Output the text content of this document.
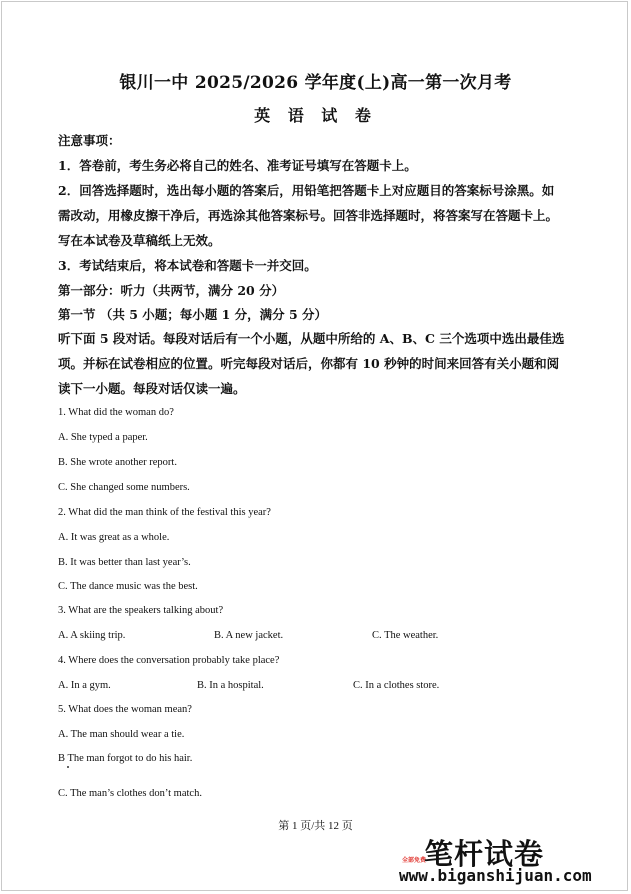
银川一中 2025/2026 学年度(上)高一第一次月考
英 语 试 卷
注意事项：
1．答卷前，考生务必将自己的姓名、准考证号填写在答题卡上。
2．回答选择题时，选出每小题的答案后，用铅笔把答题卡上对应题目的答案标号涂黑。如
需改动，用橡皮擦干净后，再选涂其他答案标号。回答非选择题时，将答案写在答题卡上。
写在本试卷及草稿纸上无效。
3．考试结束后，将本试卷和答题卡一并交回。
第一部分：听力（共两节，满分 20 分）
第一节 （共 5 小题；每小题 1 分，满分 5 分）
听下面 5 段对话。每段对话后有一个小题，从题中所给的 A、B、C 三个选项中选出最佳选
项。并标在试卷相应的位置。听完每段对话后，你都有 10 秒钟的时间来回答有关小题和阅
读下一小题。每段对话仅读一遍。
1. What did the woman do?
A. She typed a paper.
B. She wrote another report.
C. She changed some numbers.
2. What did the man think of the festival this year?
A. It was great as a whole.
B. It was better than last year’s.
C. The dance music was the best.
3. What are the speakers talking about?
A. A skiing trip.	B. A new jacket.	C. The weather.
4. Where does the conversation probably take place?
A. In a gym.	B. In a hospital.	C. In a clothes store.
5. What does the woman mean?
A. The man should wear a tie.
B The man forgot to do his hair.
C. The man’s clothes don’t match.
第 1 页/共 12 页
全部免费
笔杆试卷
www.biganshijuan.com
